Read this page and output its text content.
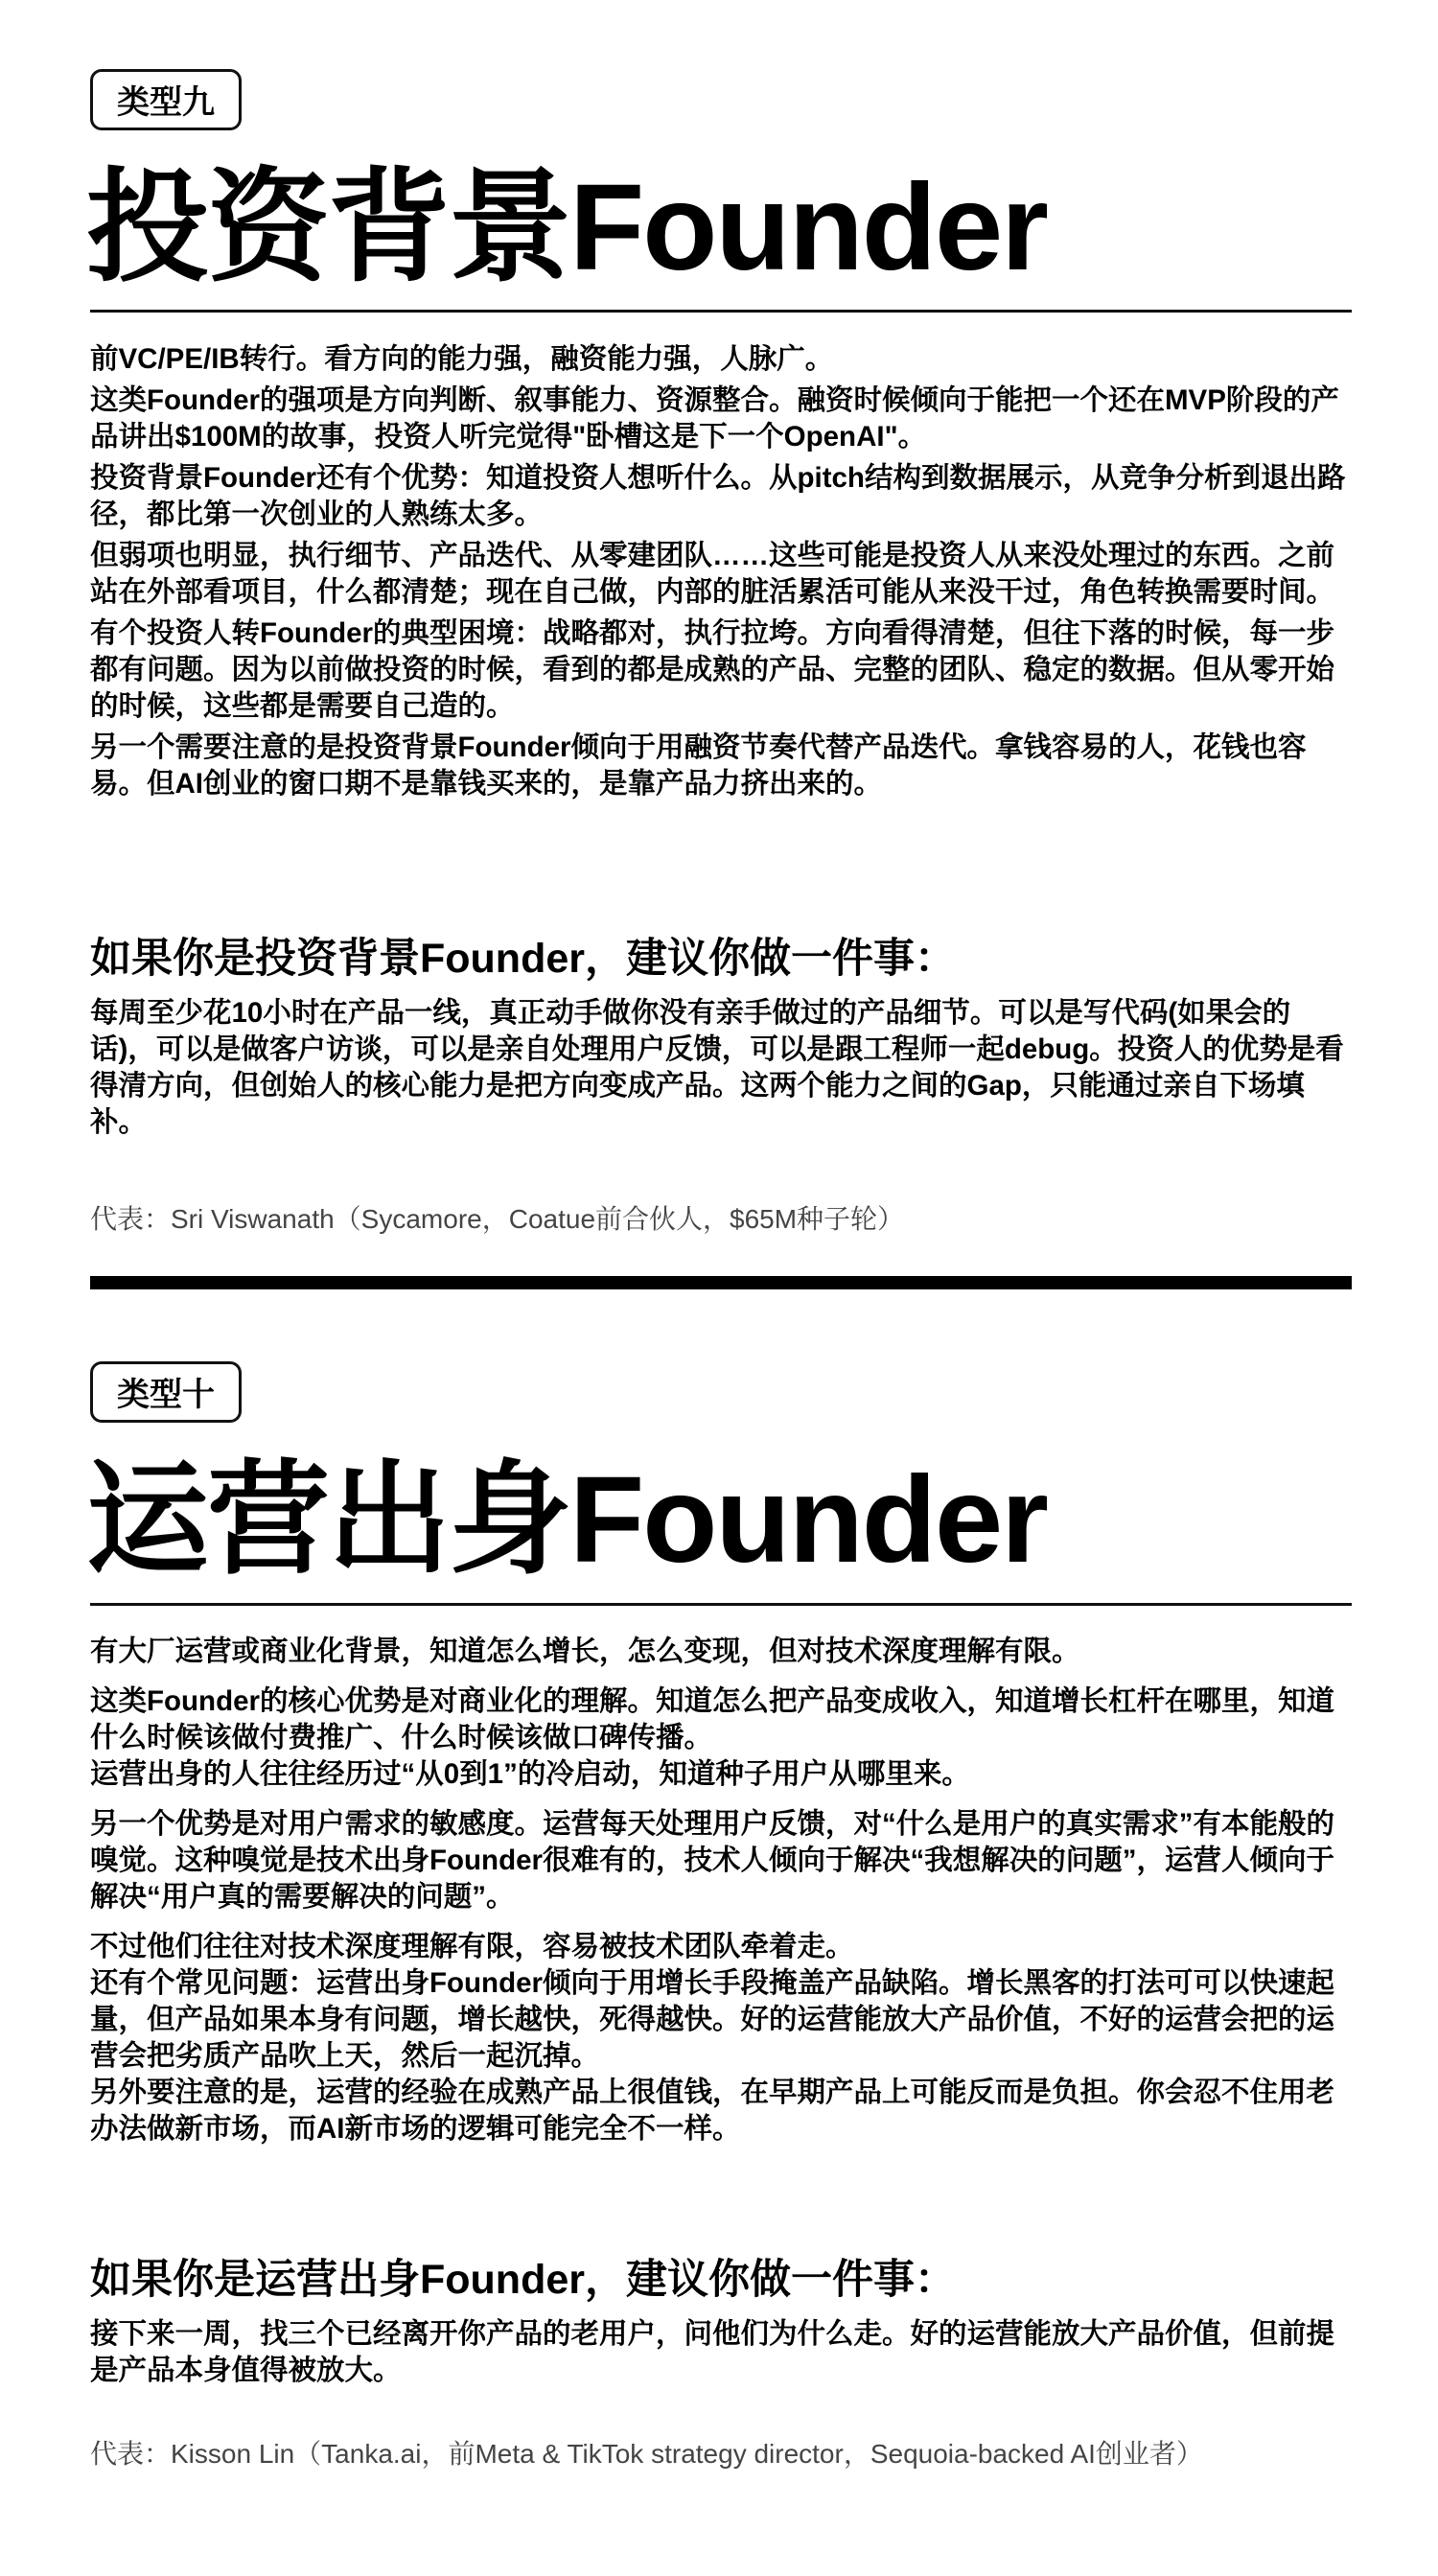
类型九
投资背景Founder

前VC/PE/IB转行。看方向的能力强，融资能力强，人脉广。

这类Founder的强项是方向判断、叙事能力、资源整合。融资时候倾向于能把一个还在MVP阶段的产品讲出$100M的故事，投资人听完觉得"卧槽这是下一个OpenAI"。

投资背景Founder还有个优势：知道投资人想听什么。从pitch结构到数据展示，从竞争分析到退出路径，都比第一次创业的人熟练太多。

但弱项也明显，执行细节、产品迭代、从零建团队……这些可能是投资人从来没处理过的东西。之前站在外部看项目，什么都清楚；现在自己做，内部的脏活累活可能从来没干过，角色转换需要时间。

有个投资人转Founder的典型困境：战略都对，执行拉垮。方向看得清楚，但往下落的时候，每一步都有问题。因为以前做投资的时候，看到的都是成熟的产品、完整的团队、稳定的数据。但从零开始的时候，这些都是需要自己造的。

另一个需要注意的是投资背景Founder倾向于用融资节奏代替产品迭代。拿钱容易的人，花钱也容易。但AI创业的窗口期不是靠钱买来的，是靠产品力挤出来的。

如果你是投资背景Founder，建议你做一件事：

每周至少花10小时在产品一线，真正动手做你没有亲手做过的产品细节。可以是写代码(如果会的话)，可以是做客户访谈，可以是亲自处理用户反馈，可以是跟工程师一起debug。投资人的优势是看得清方向，但创始人的核心能力是把方向变成产品。这两个能力之间的Gap，只能通过亲自下场填补。

代表：Sri Viswanath（Sycamore，Coatue前合伙人，$65M种子轮）

类型十
运营出身Founder

有大厂运营或商业化背景，知道怎么增长，怎么变现，但对技术深度理解有限。

这类Founder的核心优势是对商业化的理解。知道怎么把产品变成收入，知道增长杠杆在哪里，知道什么时候该做付费推广、什么时候该做口碑传播。

运营出身的人往往经历过“从0到1”的冷启动，知道种子用户从哪里来。

另一个优势是对用户需求的敏感度。运营每天处理用户反馈，对“什么是用户的真实需求”有本能般的嗅觉。这种嗅觉是技术出身Founder很难有的，技术人倾向于解决“我想解决的问题”，运营人倾向于解决“用户真的需要解决的问题”。

不过他们往往对技术深度理解有限，容易被技术团队牵着走。

还有个常见问题：运营出身Founder倾向于用增长手段掩盖产品缺陷。增长黑客的打法可可以快速起量，但产品如果本身有问题，增长越快，死得越快。好的运营能放大产品价值，不好的运营会把的运营会把劣质产品吹上天，然后一起沉掉。

另外要注意的是，运营的经验在成熟产品上很值钱，在早期产品上可能反而是负担。你会忍不住用老办法做新市场，而AI新市场的逻辑可能完全不一样。

如果你是运营出身Founder，建议你做一件事：

接下来一周，找三个已经离开你产品的老用户，问他们为什么走。好的运营能放大产品价值，但前提是产品本身值得被放大。

代表：Kisson Lin（Tanka.ai，前Meta & TikTok strategy director，Sequoia-backed AI创业者）
